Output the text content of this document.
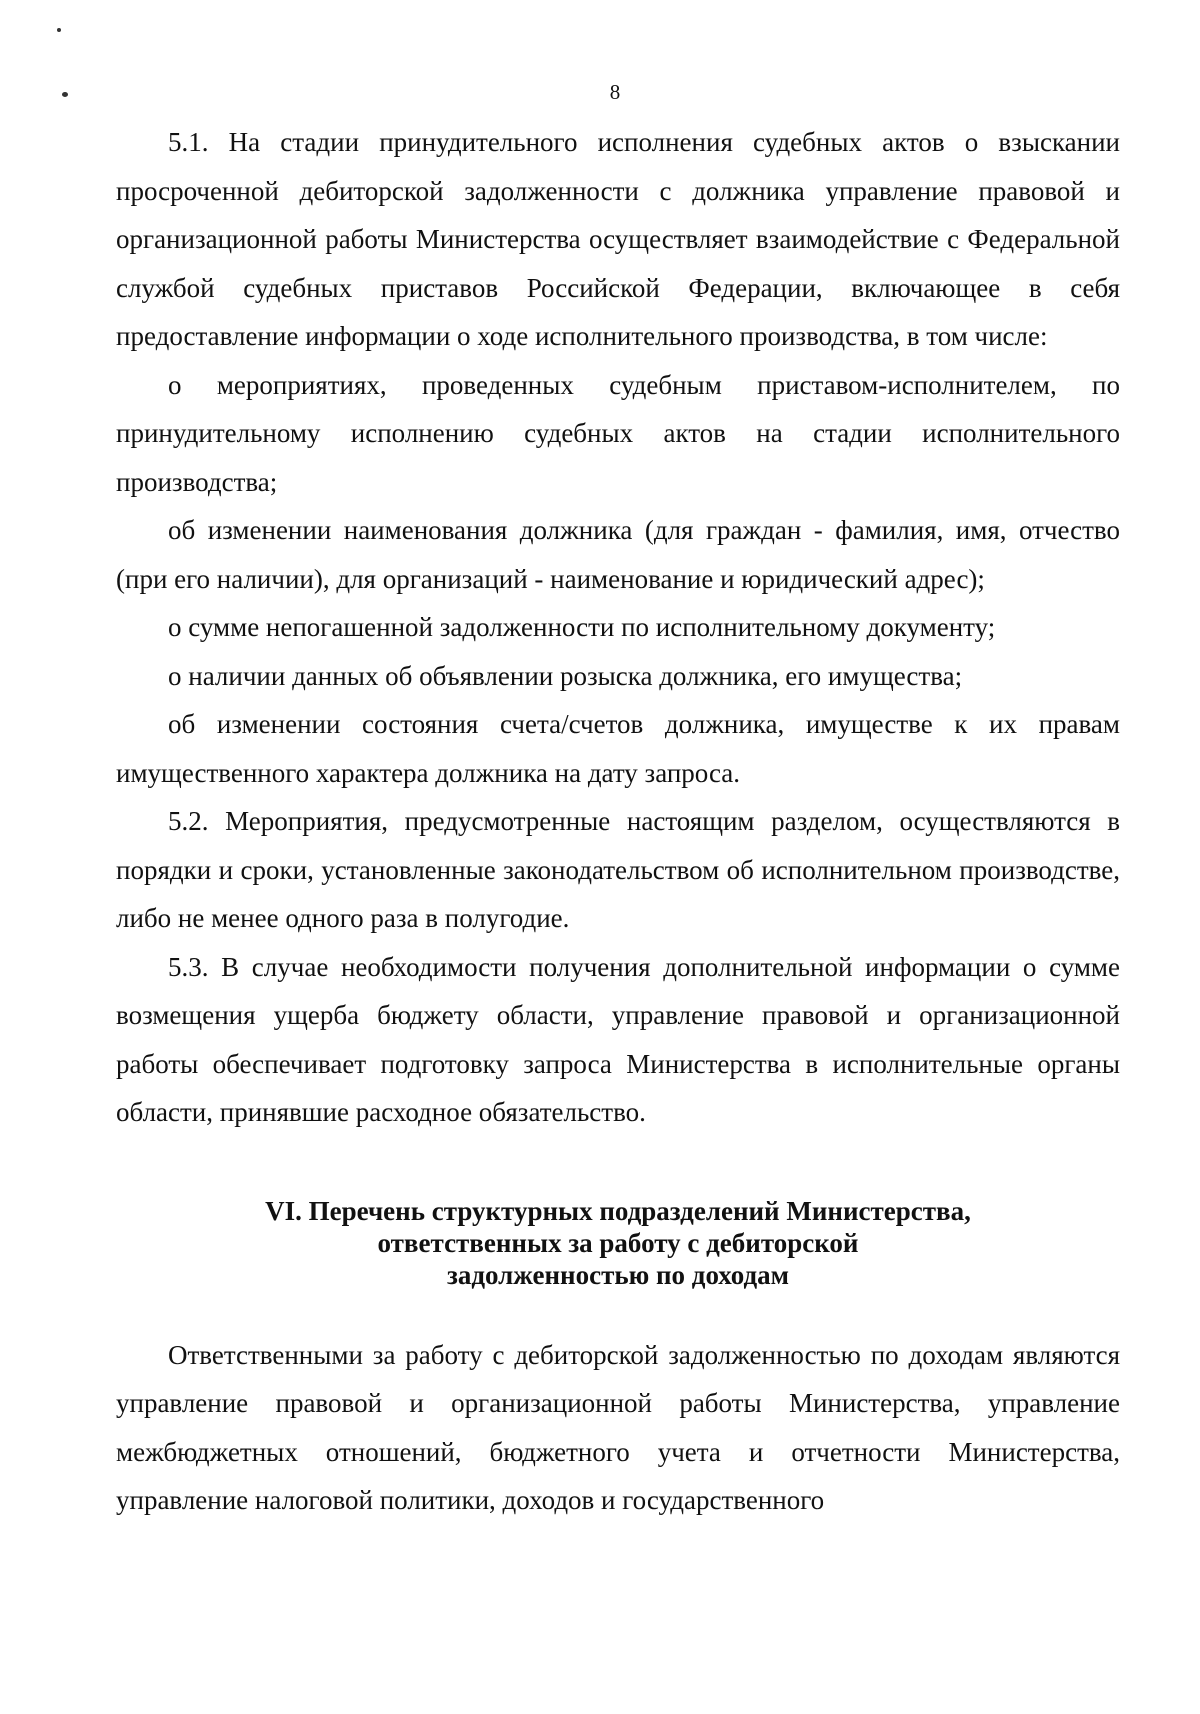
8

5.1. На стадии принудительного исполнения судебных актов о взыскании просроченной дебиторской задолженности с должника управление правовой и организационной работы Министерства осуществляет взаимодействие с Федеральной службой судебных приставов Российской Федерации, включающее в себя предоставление информации о ходе исполнительного производства, в том числе:

о мероприятиях, проведенных судебным приставом-исполнителем, по принудительному исполнению судебных актов на стадии исполнительного производства;

об изменении наименования должника (для граждан - фамилия, имя, отчество (при его наличии), для организаций - наименование и юридический адрес);

о сумме непогашенной задолженности по исполнительному документу;

о наличии данных об объявлении розыска должника, его имущества;

об изменении состояния счета/счетов должника, имуществе к их правам имущественного характера должника на дату запроса.

5.2. Мероприятия, предусмотренные настоящим разделом, осуществляются в порядки и сроки, установленные законодательством об исполнительном производстве, либо не менее одного раза в полугодие.

5.3. В случае необходимости получения дополнительной информации о сумме возмещения ущерба бюджету области, управление правовой и организационной работы обеспечивает подготовку запроса Министерства в исполнительные органы области, принявшие расходное обязательство.

VI. Перечень структурных подразделений Министерства,
ответственных за работу с дебиторской
задолженностью по доходам

Ответственными за работу с дебиторской задолженностью по доходам являются управление правовой и организационной работы Министерства, управление межбюджетных отношений, бюджетного учета и отчетности Министерства, управление налоговой политики, доходов и государственного
